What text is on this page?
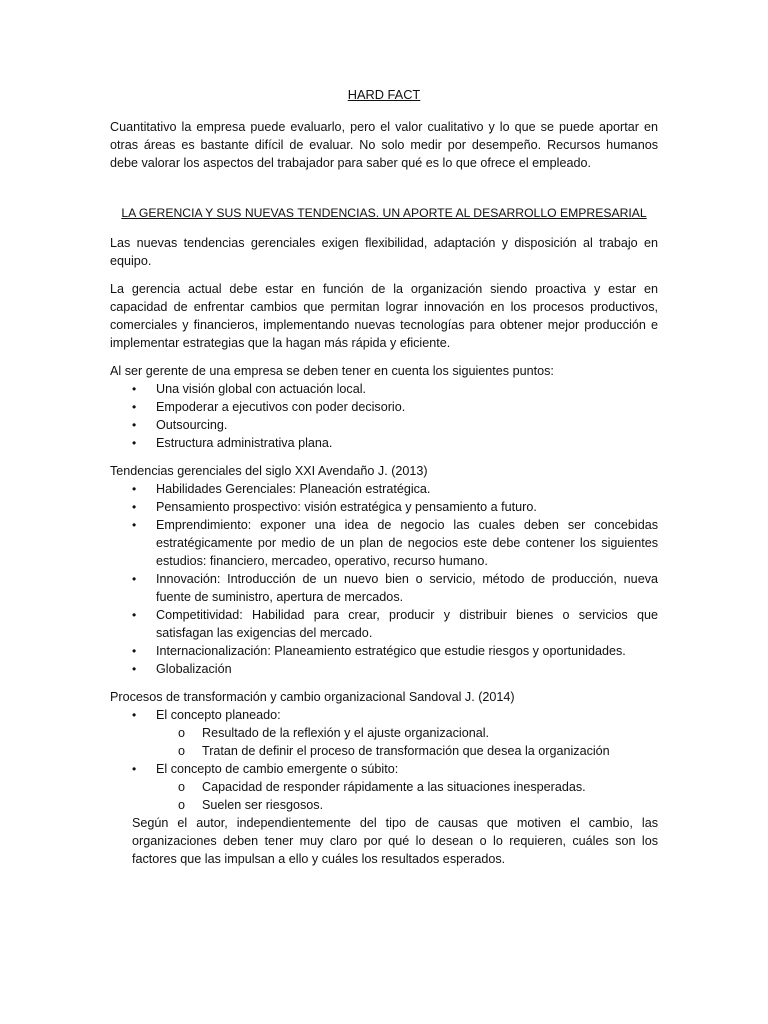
HARD FACT

Cuantitativo la empresa puede evaluarlo, pero el valor cualitativo y lo que se puede aportar en otras áreas es bastante difícil de evaluar. No solo medir por desempeño. Recursos humanos debe valorar los aspectos del trabajador para saber qué es lo que ofrece el empleado.

LA GERENCIA Y SUS NUEVAS TENDENCIAS. UN APORTE AL DESARROLLO EMPRESARIAL

Las nuevas tendencias gerenciales exigen flexibilidad, adaptación y disposición al trabajo en equipo.

La gerencia actual debe estar en función de la organización siendo proactiva y estar en capacidad de enfrentar cambios que permitan lograr innovación en los procesos productivos, comerciales y financieros, implementando nuevas tecnologías para obtener mejor producción e implementar estrategias que la hagan más rápida y eficiente.

Al ser gerente de una empresa se deben tener en cuenta los siguientes puntos:

• Una visión global con actuación local.
• Empoderar a ejecutivos con poder decisorio.
• Outsourcing.
• Estructura administrativa plana.

Tendencias gerenciales del siglo XXI Avendaño J. (2013)

• Habilidades Gerenciales: Planeación estratégica.
• Pensamiento prospectivo: visión estratégica y pensamiento a futuro.
• Emprendimiento: exponer una idea de negocio las cuales deben ser concebidas estratégicamente por medio de un plan de negocios este debe contener los siguientes estudios: financiero, mercadeo, operativo, recurso humano.
• Innovación: Introducción de un nuevo bien o servicio, método de producción, nueva fuente de suministro, apertura de mercados.
• Competitividad: Habilidad para crear, producir y distribuir bienes o servicios que satisfagan las exigencias del mercado.
• Internacionalización: Planeamiento estratégico que estudie riesgos y oportunidades.
• Globalización

Procesos de transformación y cambio organizacional Sandoval J. (2014)

• El concepto planeado:
o Resultado de la reflexión y el ajuste organizacional.
o Tratan de definir el proceso de transformación que desea la organización
• El concepto de cambio emergente o súbito:
o Capacidad de responder rápidamente a las situaciones inesperadas.
o Suelen ser riesgosos.

Según el autor, independientemente del tipo de causas que motiven el cambio, las organizaciones deben tener muy claro por qué lo desean o lo requieren, cuáles son los factores que las impulsan a ello y cuáles los resultados esperados.
